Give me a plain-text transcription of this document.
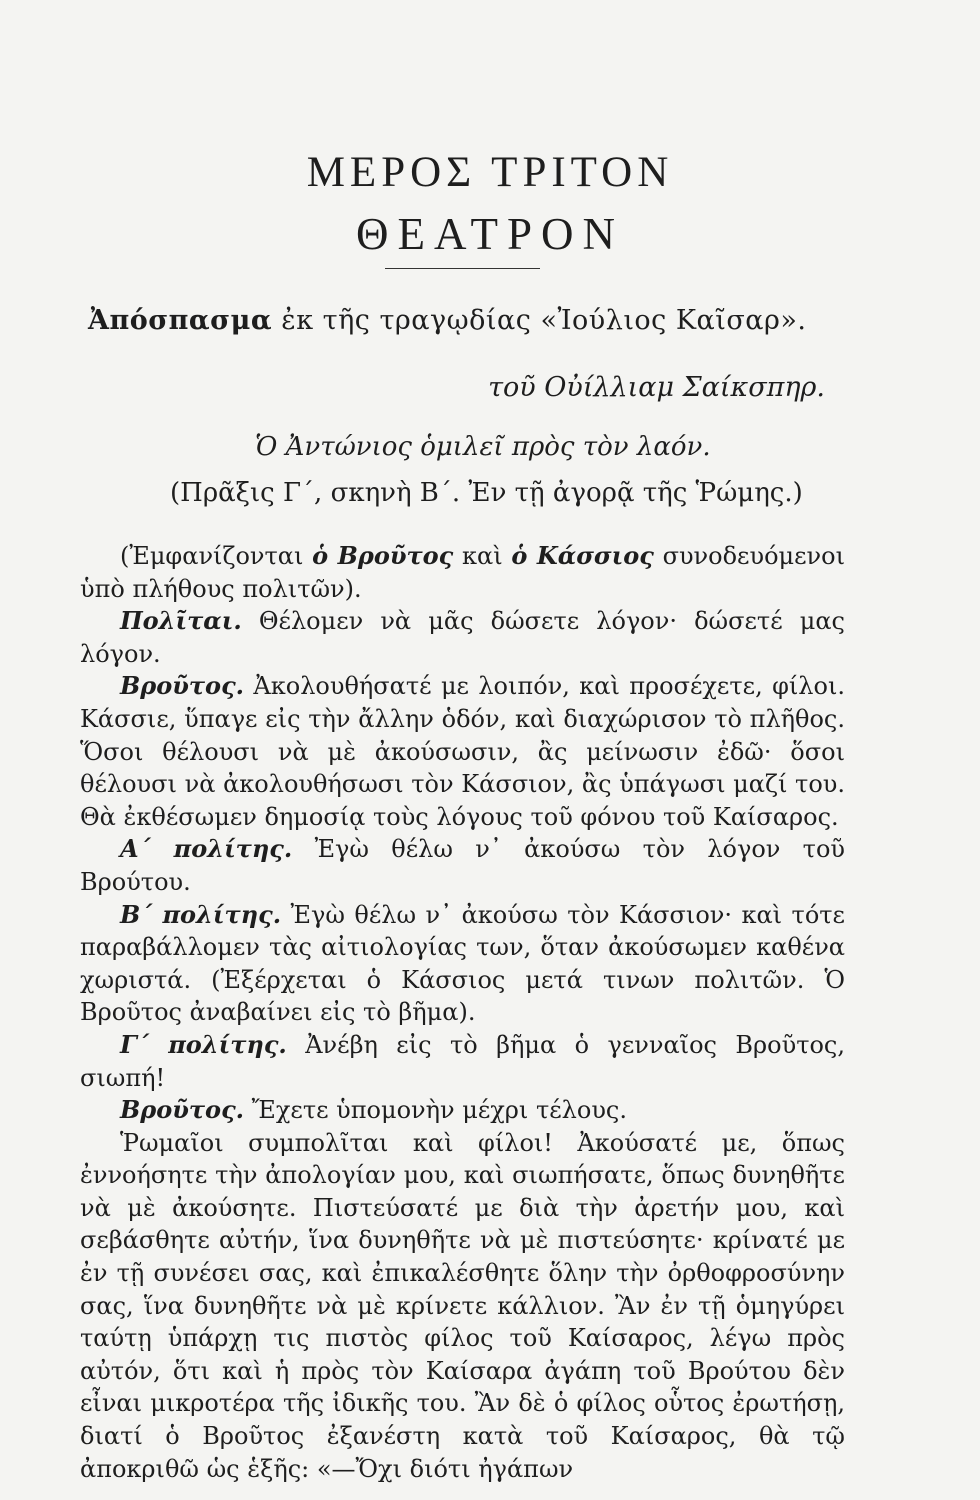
ΜΕΡΟΣ ΤΡΙΤΟΝ
ΘΕΑΤΡΟΝ
Ἀπόσπασμα ἐκ τῆς τραγῳδίας «Ἰούλιος Καῖσαρ».
τοῦ Οὐίλλιαμ Σαίκσπηρ.
Ὁ Ἀντώνιος ὁμιλεῖ πρὸς τὸν λαόν.
(Πρᾶξις Γ΄, σκηνὴ Β΄. Ἐν τῇ ἀγορᾷ τῆς Ῥώμης.)

(Ἐμφανίζονται ὁ Βροῦτος καὶ ὁ Κάσσιος συνοδευόμενοι ὑπὸ πλήθους πολιτῶν).

Πολῖται. Θέλομεν νὰ μᾶς δώσετε λόγον· δώσετέ μας λόγον.

Βροῦτος. Ἀκολουθήσατέ με λοιπόν, καὶ προσέχετε, φίλοι. Κάσσιε, ὕπαγε εἰς τὴν ἄλλην ὁδόν, καὶ διαχώρισον τὸ πλῆθος. Ὅσοι θέλουσι νὰ μὲ ἀκούσωσιν, ἂς μείνωσιν ἐδῶ· ὅσοι θέλουσι νὰ ἀκολουθήσωσι τὸν Κάσσιον, ἂς ὑπάγωσι μαζί του. Θὰ ἐκθέσωμεν δημοσίᾳ τοὺς λόγους τοῦ φόνου τοῦ Καίσαρος.

Α΄ πολίτης. Ἐγὼ θέλω ν᾿ ἀκούσω τὸν λόγον τοῦ Βρούτου.

Β΄ πολίτης. Ἐγὼ θέλω ν᾿ ἀκούσω τὸν Κάσσιον· καὶ τότε παραβάλλομεν τὰς αἰτιολογίας των, ὅταν ἀκούσωμεν καθένα χωριστά. (Ἐξέρχεται ὁ Κάσσιος μετά τινων πολιτῶν. Ὁ Βροῦτος ἀναβαίνει εἰς τὸ βῆμα).

Γ΄ πολίτης. Ἀνέβη εἰς τὸ βῆμα ὁ γενναῖος Βροῦτος, σιωπή!

Βροῦτος. Ἔχετε ὑπομονὴν μέχρι τέλους.

Ῥωμαῖοι συμπολῖται καὶ φίλοι! Ἀκούσατέ με, ὅπως ἐννοήσητε τὴν ἀπολογίαν μου, καὶ σιωπήσατε, ὅπως δυνηθῆτε νὰ μὲ ἀκούσητε. Πιστεύσατέ με διὰ τὴν ἀρετήν μου, καὶ σεβάσθητε αὐτήν, ἵνα δυνηθῆτε νὰ μὲ πιστεύσητε· κρίνατέ με ἐν τῇ συνέσει σας, καὶ ἐπικαλέσθητε ὅλην τὴν ὀρθοφροσύνην σας, ἵνα δυνηθῆτε νὰ μὲ κρίνετε κάλλιον. Ἂν ἐν τῇ ὁμηγύρει ταύτῃ ὑπάρχῃ τις πιστὸς φίλος τοῦ Καίσαρος, λέγω πρὸς αὐτόν, ὅτι καὶ ἡ πρὸς τὸν Καίσαρα ἀγάπη τοῦ Βρούτου δὲν εἶναι μικροτέρα τῆς ἰδικῆς του. Ἂν δὲ ὁ φίλος οὗτος ἐρωτήσῃ, διατί ὁ Βροῦτος ἐξανέστη κατὰ τοῦ Καίσαρος, θὰ τῷ ἀποκριθῶ ὡς ἑξῆς: «—Ὄχι διότι ἠγάπων
